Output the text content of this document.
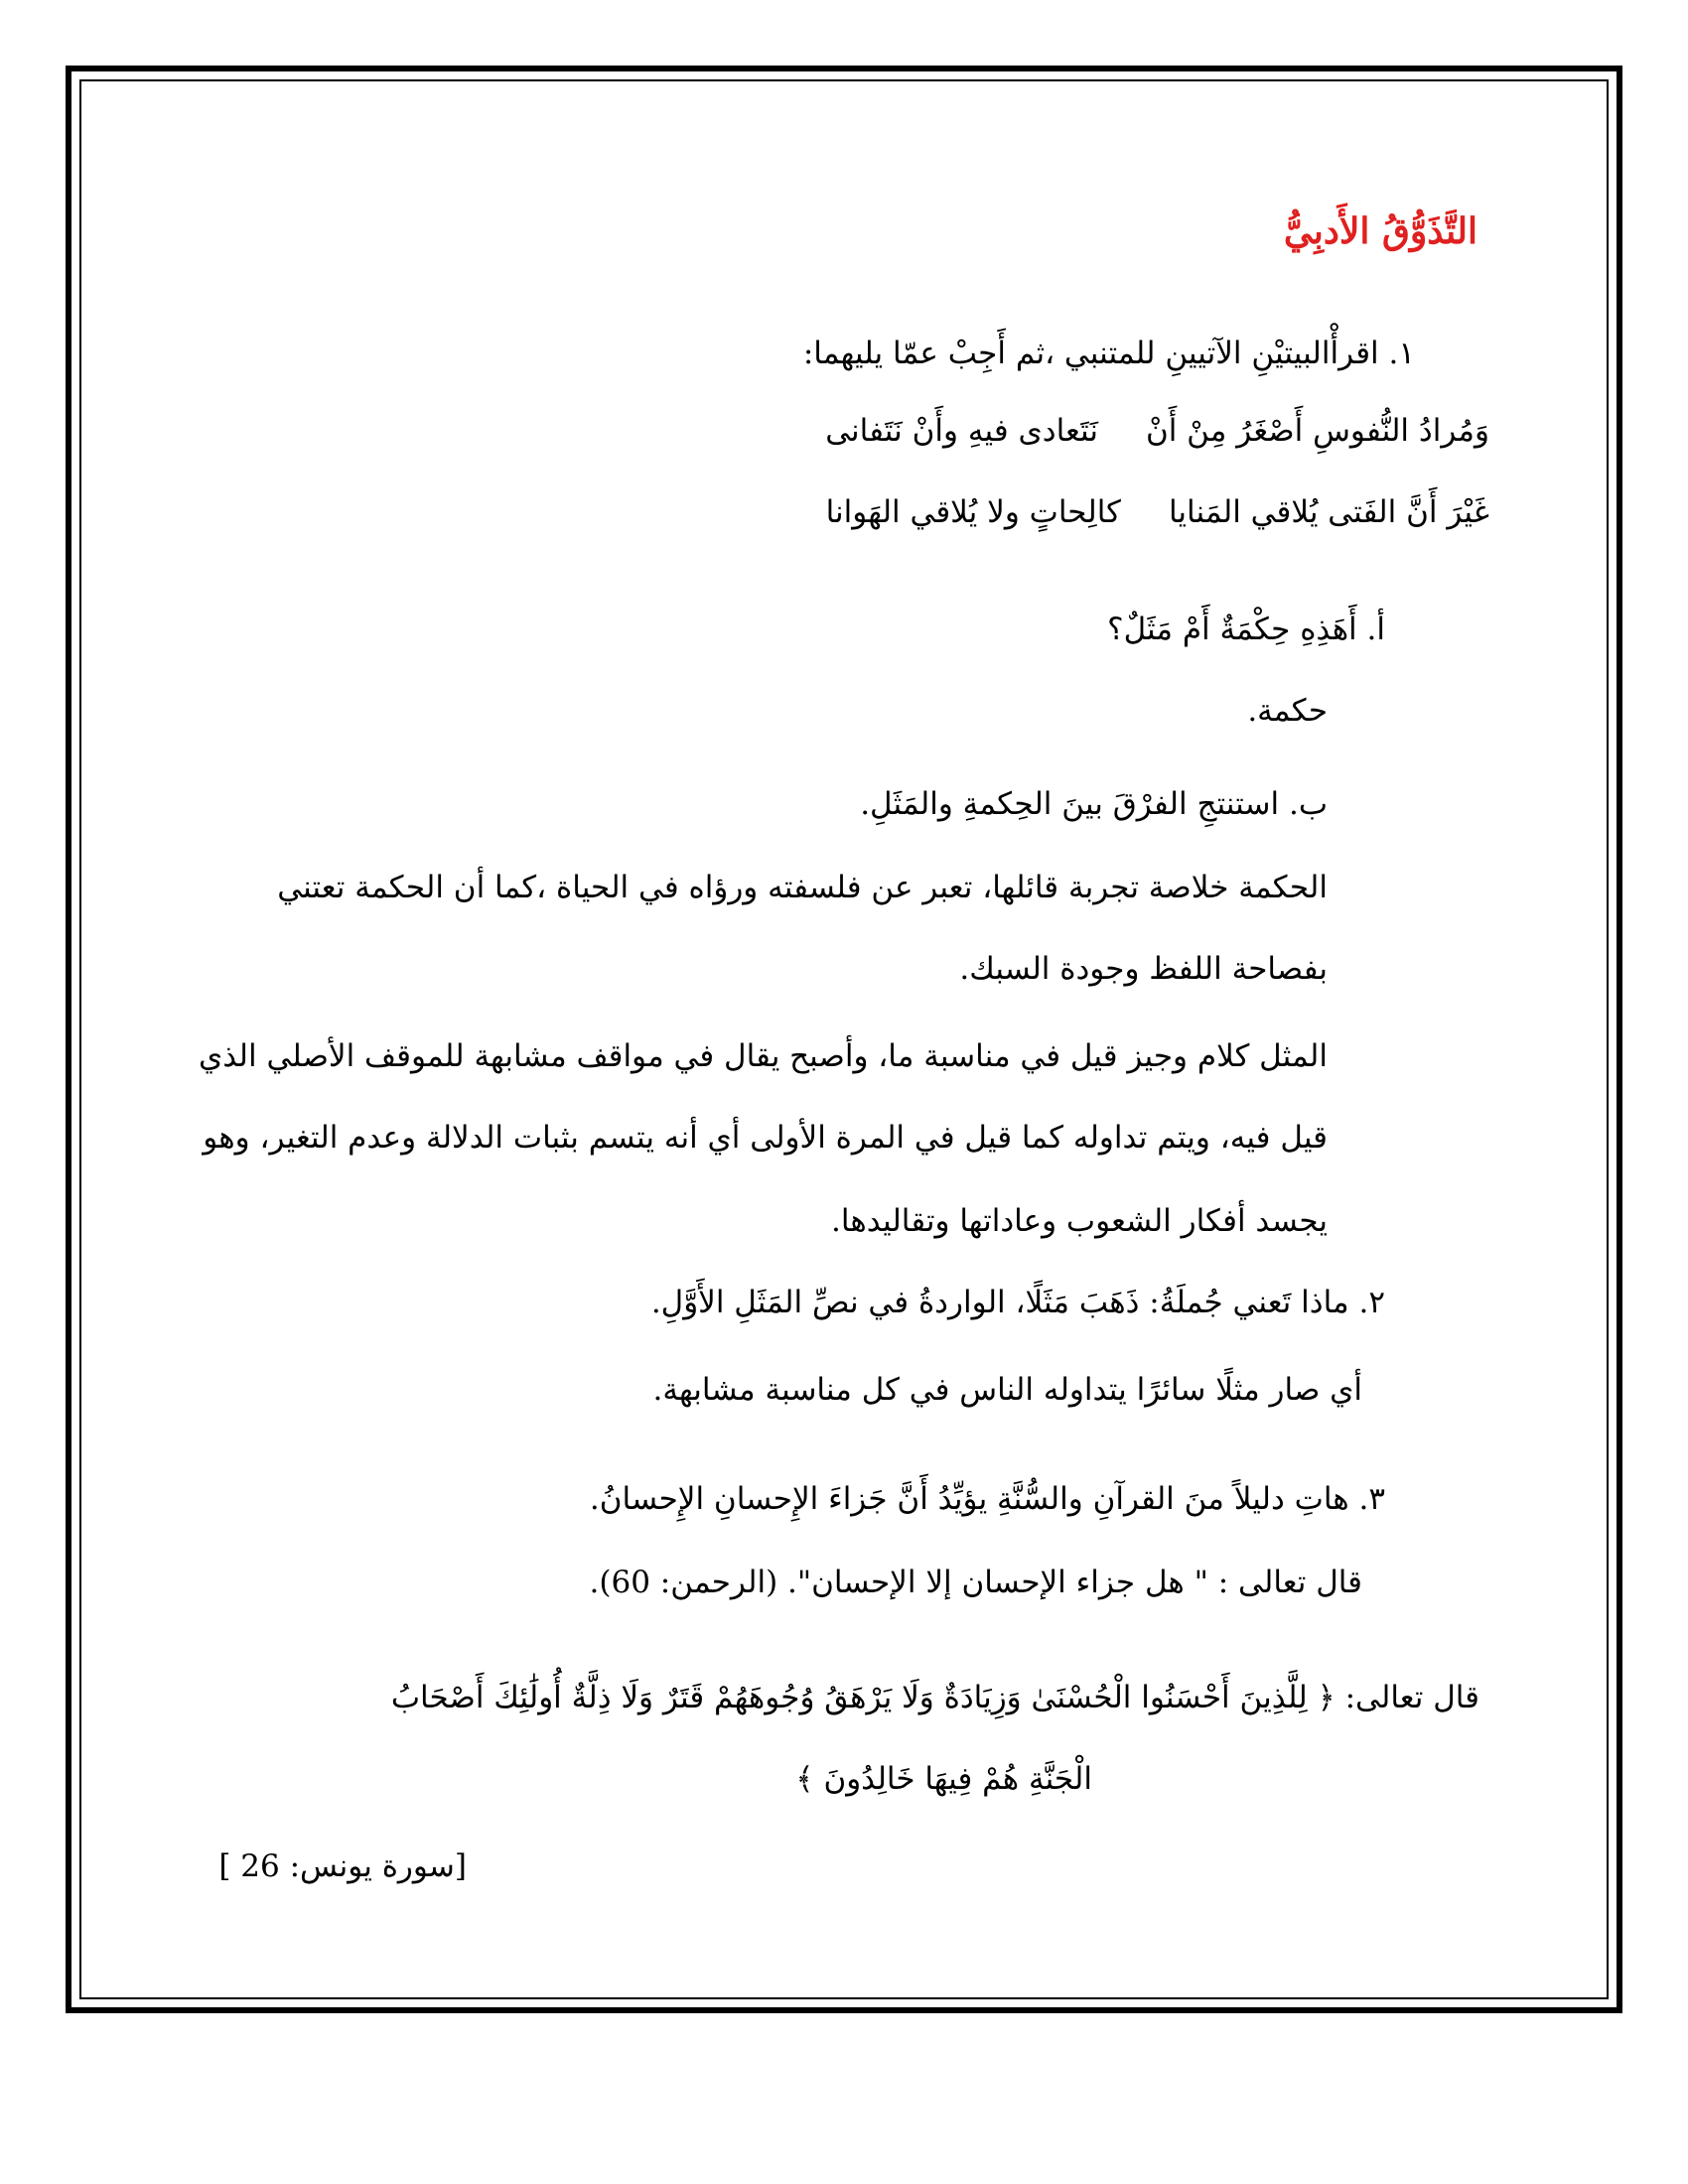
التَّذَوُّقُ الأَدبِيُّ
١. اقرأْالبيتيْنِ الآتيينِ للمتنبي ،ثم أَجِبْ عمّا يليهما:
وَمُرادُ النُّفوسِ أَصْغَرُ مِنْ أَنْنَتَعادى فيهِ وأَنْ نَتَفانى
غَيْرَ أَنَّ الفَتى يُلاقي المَناياكالِحاتٍ ولا يُلاقي الهَوانا
أ. أَهَذِهِ حِكْمَةٌ أَمْ مَثَلٌ؟
حكمة.
ب. استنتجِ الفرْقَ بينَ الحِكمةِ والمَثَلِ.
الحكمة خلاصة تجربة قائلها، تعبر عن فلسفته ورؤاه في الحياة ،كما أن الحكمة تعتني
بفصاحة اللفظ وجودة السبك.
المثل كلام وجيز قيل في مناسبة ما، وأصبح يقال في مواقف مشابهة للموقف الأصلي الذي
قيل فيه، ويتم تداوله كما قيل في المرة الأولى أي أنه يتسم بثبات الدلالة وعدم التغير، وهو
يجسد أفكار الشعوب وعاداتها وتقاليدها.
٢. ماذا تَعني جُملَةُ: ذَهَبَ مَثَلًا، الواردةُ في نصِّ المَثَلِ الأَوَّلِ.
أي صار مثلًا سائرًا يتداوله الناس في كل مناسبة مشابهة.
٣. هاتِ دليلاً منَ القرآنِ والسُّنَّةِ يؤيِّدُ أَنَّ جَزاءَ الإِحسانِ الإِحسانُ.
قال تعالى : " هل جزاء الإحسان إلا الإحسان". (الرحمن: 60).
قال تعالى: ﴿ لِلَّذِينَ أَحْسَنُوا الْحُسْنَىٰ وَزِيَادَةٌ وَلَا يَرْهَقُ وُجُوهَهُمْ قَتَرٌ وَلَا ذِلَّةٌ أُولَٰئِكَ أَصْحَابُ
الْجَنَّةِ هُمْ فِيهَا خَالِدُونَ ﴾
[سورة يونس: 26 ]
